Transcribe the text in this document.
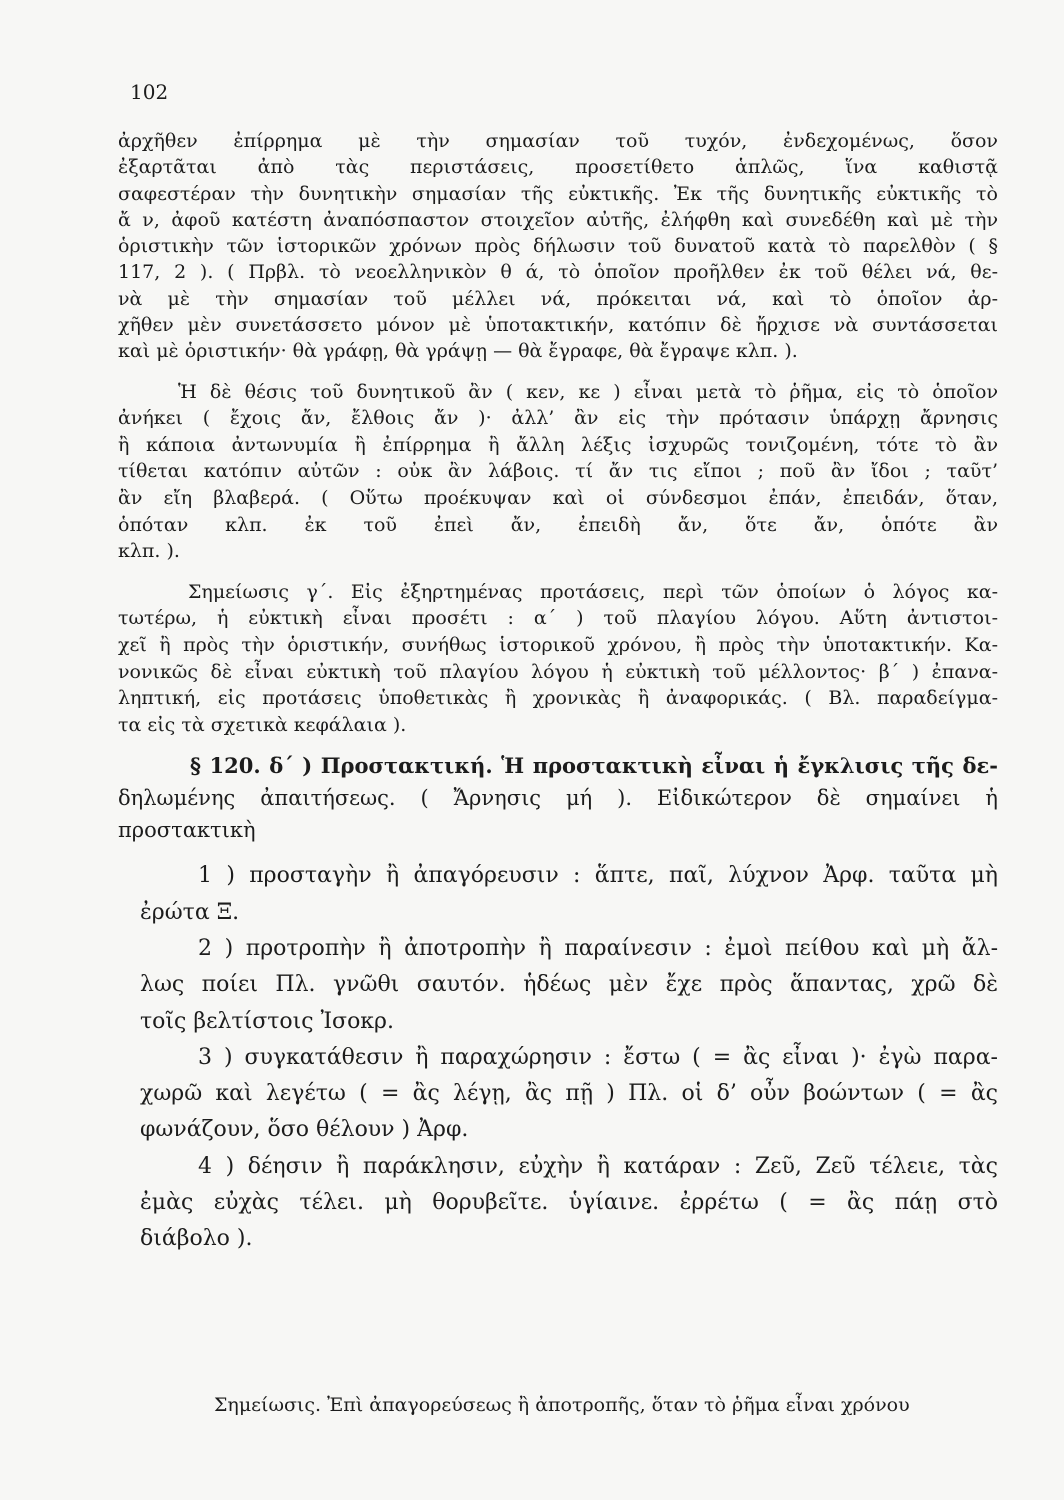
102
ἀρχῆθεν ἐπίρρημα μὲ τὴν σημασίαν τοῦ τυχόν, ἐνδεχομένως, ὅσον
ἐξαρτᾶται ἀπὸ τὰς περιστάσεις, προσετίθετο ἁπλῶς, ἵνα καθιστᾷ
σαφεστέραν τὴν δυνητικὴν σημασίαν τῆς εὐκτικῆς. Ἐκ τῆς δυνητικῆς εὐκτικῆς τὸ
ἄ ν, ἀφοῦ κατέστη ἀναπόσπαστον στοιχεῖον αὐτῆς, ἐλήφθη καὶ συνεδέθη καὶ μὲ τὴν
ὁριστικὴν τῶν ἱστορικῶν χρόνων πρὸς δήλωσιν τοῦ δυνατοῦ κατὰ τὸ παρελθὸν ( §
117, 2 ). ( Πρβλ. τὸ νεοελληνικὸν θ ά, τὸ ὁποῖον προῆλθεν ἐκ τοῦ θέλει νά, θε-
νὰ μὲ τὴν σημασίαν τοῦ μέλλει νά, πρόκειται νά, καὶ τὸ ὁποῖον ἀρ-
χῆθεν μὲν συνετάσσετο μόνον μὲ ὑποτακτικήν, κατόπιν δὲ ἤρχισε νὰ συντάσσεται
καὶ μὲ ὁριστικήν· θὰ γράφῃ, θὰ γράψῃ — θὰ ἔγραφε, θὰ ἔγραψε κλπ. ).
Ἡ δὲ θέσις τοῦ δυνητικοῦ ἂν ( κεν, κε ) εἶναι μετὰ τὸ ῥῆμα, εἰς τὸ ὁποῖον
ἀνήκει ( ἔχοις ἄν, ἔλθοις ἄν )· ἀλλ’ ἂν εἰς τὴν πρότασιν ὑπάρχῃ ἄρνησις
ἢ κάποια ἀντωνυμία ἢ ἐπίρρημα ἢ ἄλλη λέξις ἰσχυρῶς τονιζομένη, τότε τὸ ἂν
τίθεται κατόπιν αὐτῶν : οὐκ ἂν λάβοις. τί ἄν τις εἴποι ; ποῦ ἂν ἴδοι ; ταῦτ’
ἂν εἴη βλαβερά. ( Οὕτω προέκυψαν καὶ οἱ σύνδεσμοι ἐπάν, ἐπειδάν, ὅταν,
ὁπόταν κλπ. ἐκ τοῦ ἐπεὶ ἄν, ἐπειδὴ ἄν, ὅτε ἄν, ὁπότε ἂν
κλπ. ).
Σημείωσις γ΄. Εἰς ἐξηρτημένας προτάσεις, περὶ τῶν ὁποίων ὁ λόγος κα-
τωτέρω, ἡ εὐκτικὴ εἶναι προσέτι : α΄ ) τοῦ πλαγίου λόγου. Αὕτη ἀντιστοι-
χεῖ ἢ πρὸς τὴν ὁριστικήν, συνήθως ἱστορικοῦ χρόνου, ἢ πρὸς τὴν ὑποτακτικήν. Κα-
νονικῶς δὲ εἶναι εὐκτικὴ τοῦ πλαγίου λόγου ἡ εὐκτικὴ τοῦ μέλλοντος· β΄ ) ἐπανα-
ληπτική, εἰς προτάσεις ὑποθετικὰς ἢ χρονικὰς ἢ ἀναφορικάς. ( Βλ. παραδείγμα-
τα εἰς τὰ σχετικὰ κεφάλαια ).
§ 120. δ΄ ) Προστακτική. Ἡ προστακτικὴ εἶναι ἡ ἔγκλισις τῆς δε-
δηλωμένης ἀπαιτήσεως. ( Ἄρνησις μή ). Εἰδικώτερον δὲ σημαίνει ἡ
προστακτικὴ
1 ) προσταγὴν ἢ ἀπαγόρευσιν : ἅπτε, παῖ, λύχνον Ἀρφ. ταῦτα μὴ
ἐρώτα Ξ.
2 ) προτροπὴν ἢ ἀποτροπὴν ἢ παραίνεσιν : ἐμοὶ πείθου καὶ μὴ ἄλ-
λως ποίει Πλ. γνῶθι σαυτόν. ἡδέως μὲν ἔχε πρὸς ἅπαντας, χρῶ δὲ
τοῖς βελτίστοις Ἰσοκρ.
3 ) συγκατάθεσιν ἢ παραχώρησιν : ἔστω ( = ἂς εἶναι )· ἐγὼ παρα-
χωρῶ καὶ λεγέτω ( = ἂς λέγῃ, ἂς πῇ ) Πλ. οἱ δ’ οὖν βοώντων ( = ἂς
φωνάζουν, ὅσο θέλουν ) Ἀρφ.
4 ) δέησιν ἢ παράκλησιν, εὐχὴν ἢ κατάραν : Ζεῦ, Ζεῦ τέλειε, τὰς
ἐμὰς εὐχὰς τέλει. μὴ θορυβεῖτε. ὑγίαινε. ἐρρέτω ( = ἂς πάῃ στὸ
διάβολο ).
Σημείωσις. Ἐπὶ ἀπαγορεύσεως ἢ ἀποτροπῆς, ὅταν τὸ ῥῆμα εἶναι χρόνου
